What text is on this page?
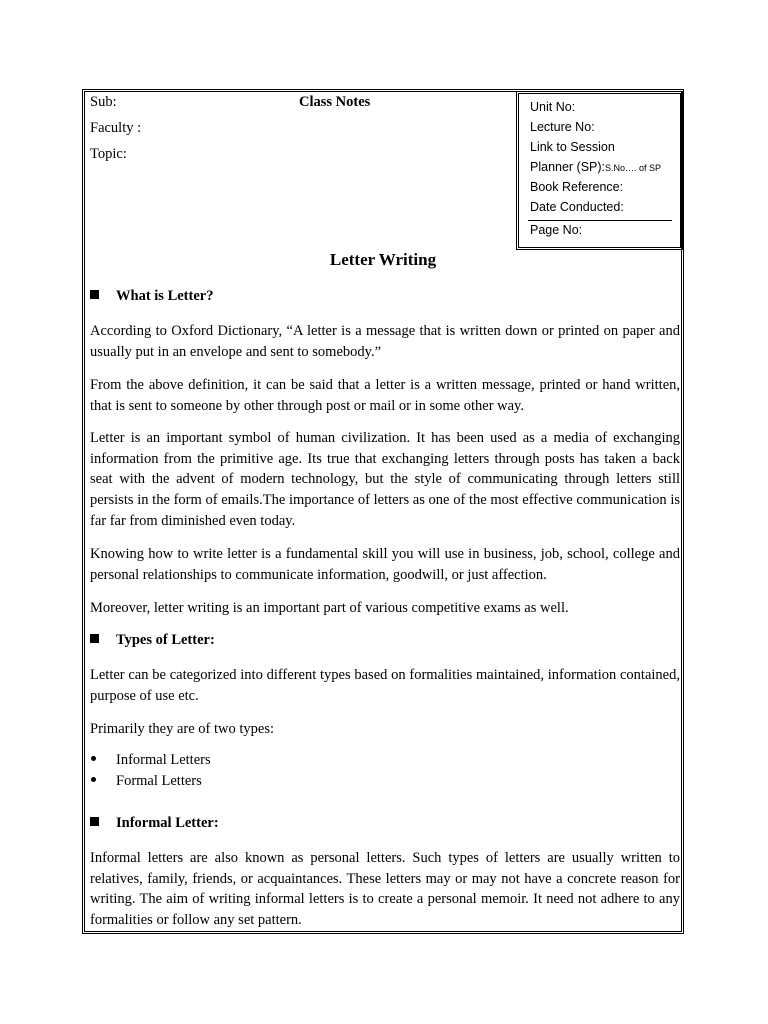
Sub:
Faculty :
Topic:
Class Notes	Unit No:
Lecture No:
Link to Session
Planner (SP):S.No…. of SP
Book Reference:
Date Conducted:
Page No:
Letter Writing
What is Letter?

According to Oxford Dictionary, “A letter is a message that is written down or printed on paper and usually put in an envelope and sent to somebody.”

From the above definition, it can be said that a letter is a written message, printed or hand written, that is sent to someone by other through post or mail or in some other way.

Letter is an important symbol of human civilization. It has been used as a media of exchanging information from the primitive age. Its true that exchanging letters through posts has taken a back seat with the advent of modern technology, but the style of communicating through letters still persists in the form of emails.The importance of letters as one of the most effective communication is far far from diminished even today.

Knowing how to write letter is a fundamental skill you will use in business, job, school, college and personal relationships to communicate information, goodwill, or just affection.

Moreover, letter writing is an important part of various competitive exams as well.

Types of Letter:

Letter can be categorized into different types based on formalities maintained, information contained, purpose of use etc.

Primarily they are of two types:

Informal Letters
Formal Letters
Informal Letter:

Informal letters are also known as personal letters. Such types of letters are usually written to relatives, family, friends, or acquaintances. These letters may or may not have a concrete reason for writing. The aim of writing informal letters is to create a personal memoir. It need not adhere to any formalities or follow any set pattern.
